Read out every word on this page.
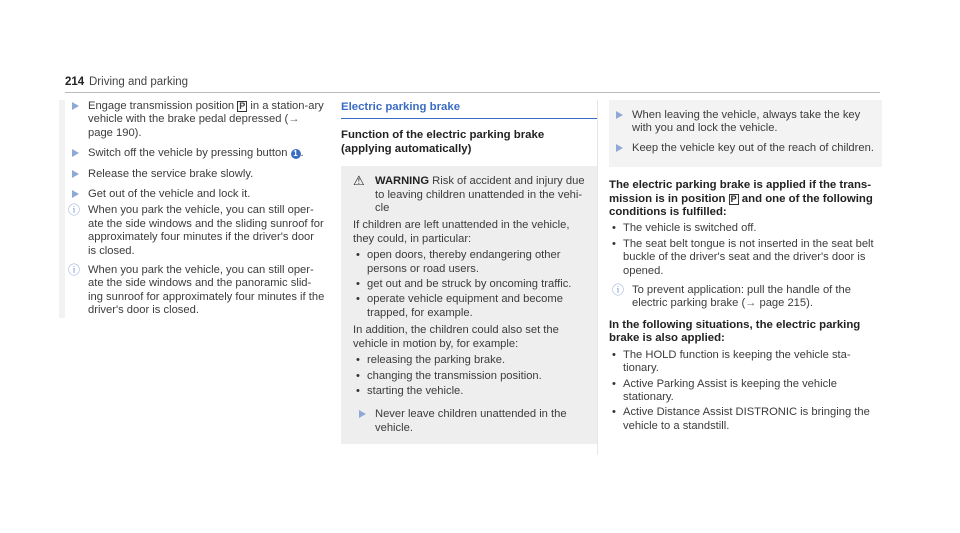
214 Driving and parking
Engage transmission position P in a station-ary vehicle with the brake pedal depressed (→ page 190).
Switch off the vehicle by pressing button 1 .
Release the service brake slowly.
Get out of the vehicle and lock it.
ⓘ When you park the vehicle, you can still oper-ate the side windows and the sliding sunroof for approximately four minutes if the driver's door is closed.
ⓘ When you park the vehicle, you can still oper-ate the side windows and the panoramic slid-ing sunroof for approximately four minutes if the driver's door is closed.
Electric parking brake
Function of the electric parking brake (applying automatically)
⚠ WARNING Risk of accident and injury due to leaving children unattended in the vehi-cle
If children are left unattended in the vehicle, they could, in particular:
• open doors, thereby endangering other persons or road users.
• get out and be struck by oncoming traffic.
• operate vehicle equipment and become trapped, for example.
In addition, the children could also set the vehicle in motion by, for example:
• releasing the parking brake.
• changing the transmission position.
• starting the vehicle.
Never leave children unattended in the vehicle.
When leaving the vehicle, always take the key with you and lock the vehicle.
Keep the vehicle key out of the reach of children.
The electric parking brake is applied if the trans-mission is in position P and one of the following conditions is fulfilled:
• The vehicle is switched off.
• The seat belt tongue is not inserted in the seat belt buckle of the driver's seat and the driver's door is opened.
ⓘ To prevent application: pull the handle of the electric parking brake (→ page 215).
In the following situations, the electric parking brake is also applied:
• The HOLD function is keeping the vehicle sta-tionary.
• Active Parking Assist is keeping the vehicle stationary.
• Active Distance Assist DISTRONIC is bringing the vehicle to a standstill.
